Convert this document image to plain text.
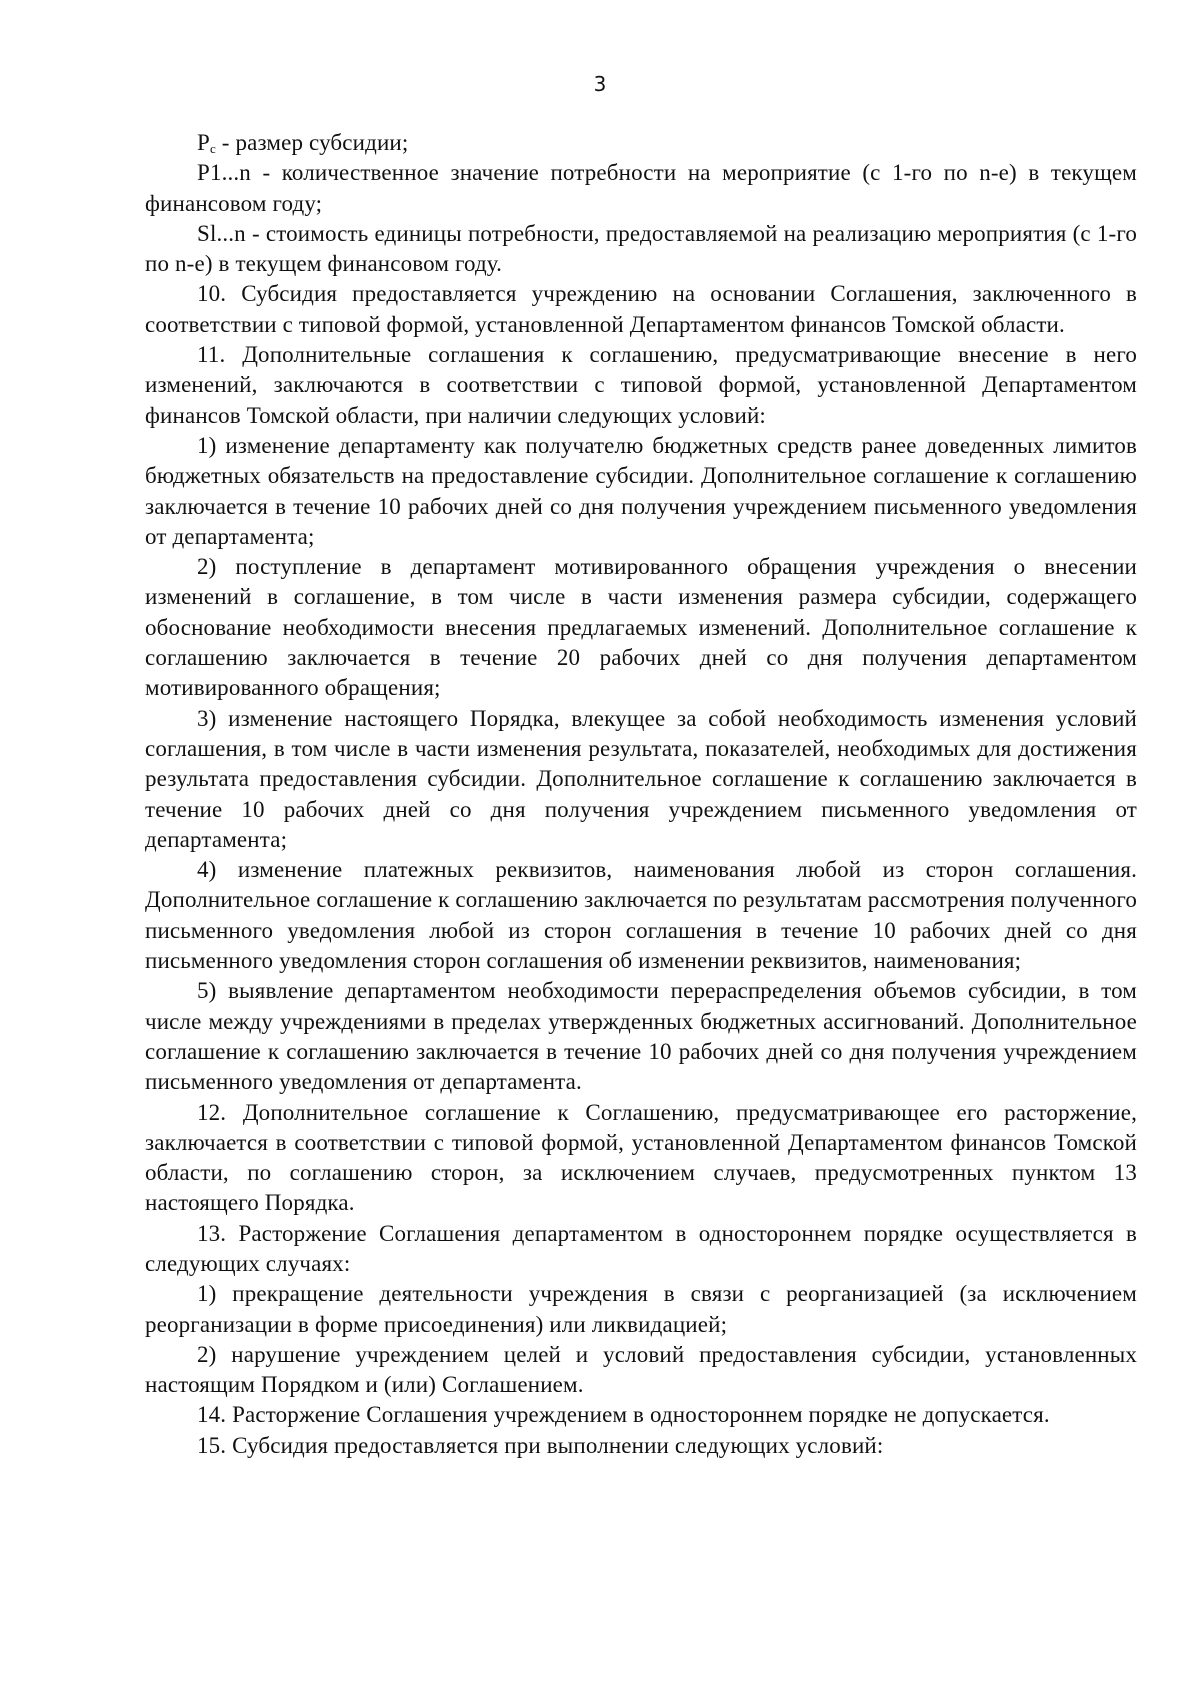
3

$P_с$ - размер субсидии;

P1...n - количественное значение потребности на мероприятие (с 1-го по n-е) в текущем финансовом году;

Sl...n - стоимость единицы потребности, предоставляемой на реализацию мероприятия (с 1-го по n-е) в текущем финансовом году.

10. Субсидия предоставляется учреждению на основании Соглашения, заключенного в соответствии с типовой формой, установленной Департаментом финансов Томской области.

11. Дополнительные соглашения к соглашению, предусматривающие внесение в него изменений, заключаются в соответствии с типовой формой, установленной Департаментом финансов Томской области, при наличии следующих условий:

1) изменение департаменту как получателю бюджетных средств ранее доведенных лимитов бюджетных обязательств на предоставление субсидии. Дополнительное соглашение к соглашению заключается в течение 10 рабочих дней со дня получения учреждением письменного уведомления от департамента;

2) поступление в департамент мотивированного обращения учреждения о внесении изменений в соглашение, в том числе в части изменения размера субсидии, содержащего обоснование необходимости внесения предлагаемых изменений. Дополнительное соглашение к соглашению заключается в течение 20 рабочих дней со дня получения департаментом мотивированного обращения;

3) изменение настоящего Порядка, влекущее за собой необходимость изменения условий соглашения, в том числе в части изменения результата, показателей, необходимых для достижения результата предоставления субсидии. Дополнительное соглашение к соглашению заключается в течение 10 рабочих дней со дня получения учреждением письменного уведомления от департамента;

4) изменение платежных реквизитов, наименования любой из сторон соглашения. Дополнительное соглашение к соглашению заключается по результатам рассмотрения полученного письменного уведомления любой из сторон соглашения в течение 10 рабочих дней со дня письменного уведомления сторон соглашения об изменении реквизитов, наименования;

5) выявление департаментом необходимости перераспределения объемов субсидии, в том числе между учреждениями в пределах утвержденных бюджетных ассигнований. Дополнительное соглашение к соглашению заключается в течение 10 рабочих дней со дня получения учреждением письменного уведомления от департамента.

12. Дополнительное соглашение к Соглашению, предусматривающее его расторжение, заключается в соответствии с типовой формой, установленной Департаментом финансов Томской области, по соглашению сторон, за исключением случаев, предусмотренных пунктом 13 настоящего Порядка.

13. Расторжение Соглашения департаментом в одностороннем порядке осуществляется в следующих случаях:

1) прекращение деятельности учреждения в связи с реорганизацией (за исключением реорганизации в форме присоединения) или ликвидацией;

2) нарушение учреждением целей и условий предоставления субсидии, установленных настоящим Порядком и (или) Соглашением.

14. Расторжение Соглашения учреждением в одностороннем порядке не допускается.

15. Субсидия предоставляется при выполнении следующих условий:
